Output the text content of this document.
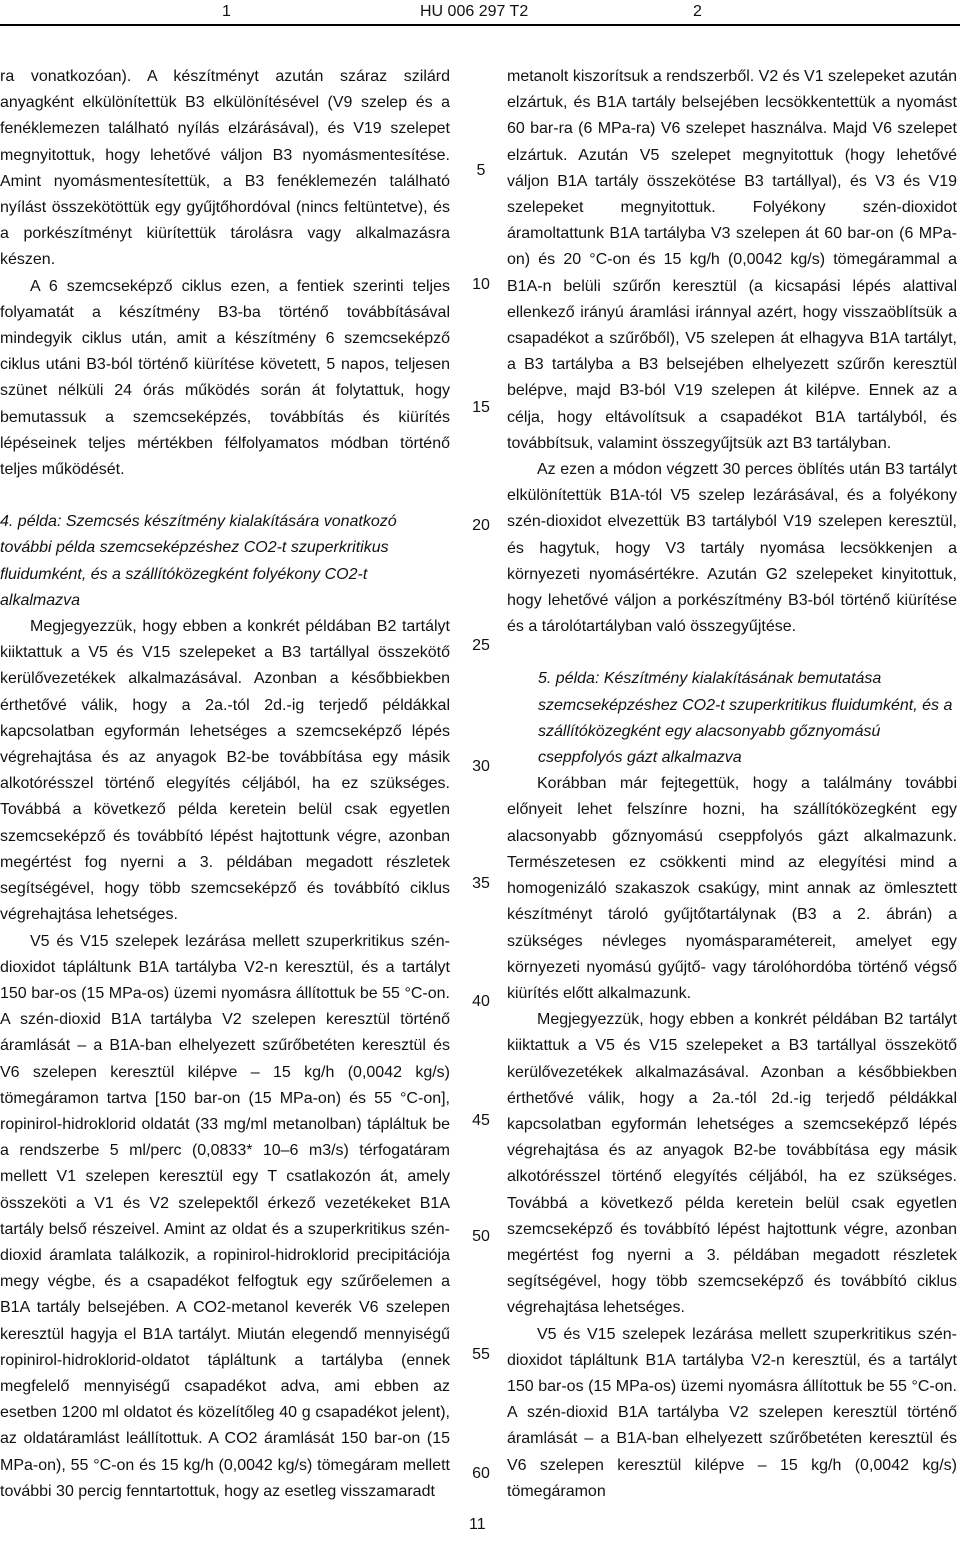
1	HU 006 297 T2	2

ra vonatkozóan). A készítményt azután száraz szilárd anyagként elkülönítettük B3 elkülönítésével (V9 szelep és a fenéklemezen található nyílás elzárásával), és V19 szelepet megnyitottuk, hogy lehetővé váljon B3 nyomásmentesítése. Amint nyomásmentesítettük, a B3 fenéklemezén található nyílást összekötöttük egy gyűjtőhordóval (nincs feltüntetve), és a porkészítményt kiürítettük tárolásra vagy alkalmazásra készen.

A 6 szemcseképző ciklus ezen, a fentiek szerinti teljes folyamatát a készítmény B3-ba történő továbbításával mindegyik ciklus után, amit a készítmény 6 szemcseképző ciklus utáni B3-ból történő kiürítése követett, 5 napos, teljesen szünet nélküli 24 órás működés során át folytattuk, hogy bemutassuk a szemcseképzés, továbbítás és kiürítés lépéseinek teljes mértékben félfolyamatos módban történő teljes működését.

4. példa: Szemcsés készítmény kialakítására vonatkozó további példa szemcseképzéshez CO2-t szuperkritikus fluidumként, és a szállítóközegként folyékony CO2-t alkalmazva

Megjegyezzük, hogy ebben a konkrét példában B2 tartályt kiiktattuk a V5 és V15 szelepeket a B3 tartállyal összekötő kerülővezetékek alkalmazásával. Azonban a későbbiekben érthetővé válik, hogy a 2a.-tól 2d.-ig terjedő példákkal kapcsolatban egyformán lehetséges a szemcseképző lépés végrehajtása és az anyagok B2-be továbbítása egy másik alkotórésszel történő elegyítés céljából, ha ez szükséges. Továbbá a következő példa keretein belül csak egyetlen szemcseképző és továbbító lépést hajtottunk végre, azonban megértést fog nyerni a 3. példában megadott részletek segítségével, hogy több szemcseképző és továbbító ciklus végrehajtása lehetséges.

V5 és V15 szelepek lezárása mellett szuperkritikus szén-dioxidot tápláltunk B1A tartályba V2-n keresztül, és a tartályt 150 bar-os (15 MPa-os) üzemi nyomásra állítottuk be 55 °C-on. A szén-dioxid B1A tartályba V2 szelepen keresztül történő áramlását – a B1A-ban elhelyezett szűrőbetéten keresztül és V6 szelepen keresztül kilépve – 15 kg/h (0,0042 kg/s) tömegáramon tartva [150 bar-on (15 MPa-on) és 55 °C-on], ropinirol-hidroklorid oldatát (33 mg/ml metanolban) tápláltuk be a rendszerbe 5 ml/perc (0,0833* 10–6 m3/s) térfogatáram mellett V1 szelepen keresztül egy T csatlakozón át, amely összeköti a V1 és V2 szelepektől érkező vezetékeket B1A tartály belső részeivel. Amint az oldat és a szuperkritikus szén-dioxid áramlata találkozik, a ropinirol-hidroklorid precipitációja megy végbe, és a csapadékot felfogtuk egy szűrőelemen a B1A tartály belsejében. A CO2-metanol keverék V6 szelepen keresztül hagyja el B1A tartályt. Miután elegendő mennyiségű ropinirol-hidroklorid-oldatot tápláltunk a tartályba (ennek megfelelő mennyiségű csapadékot adva, ami ebben az esetben 1200 ml oldatot és közelítőleg 40 g csapadékot jelent), az oldatáramlást leállítottuk. A CO2 áramlását 150 bar-on (15 MPa-on), 55 °C-on és 15 kg/h (0,0042 kg/s) tömegáram mellett további 30 percig fenntartottuk, hogy az esetleg visszamaradt

5
10
15
20
25
30
35
40
45
50
55
60

metanolt kiszorítsuk a rendszerből. V2 és V1 szelepeket azután elzártuk, és B1A tartály belsejében lecsökkentettük a nyomást 60 bar-ra (6 MPa-ra) V6 szelepet használva. Majd V6 szelepet elzártuk. Azután V5 szelepet megnyitottuk (hogy lehetővé váljon B1A tartály összekötése B3 tartállyal), és V3 és V19 szelepeket megnyitottuk. Folyékony szén-dioxidot áramoltattunk B1A tartályba V3 szelepen át 60 bar-on (6 MPa-on) és 20 °C-on és 15 kg/h (0,0042 kg/s) tömegárammal a B1A-n belüli szűrőn keresztül (a kicsapási lépés alattival ellenkező irányú áramlási iránnyal azért, hogy visszaöblítsük a csapadékot a szűrőből), V5 szelepen át elhagyva B1A tartályt, a B3 tartályba a B3 belsejében elhelyezett szűrőn keresztül belépve, majd B3-ból V19 szelepen át kilépve. Ennek az a célja, hogy eltávolítsuk a csapadékot B1A tartályból, és továbbítsuk, valamint összegyűjtsük azt B3 tartályban.

Az ezen a módon végzett 30 perces öblítés után B3 tartályt elkülönítettük B1A-tól V5 szelep lezárásával, és a folyékony szén-dioxidot elvezettük B3 tartályból V19 szelepen keresztül, és hagytuk, hogy V3 tartály nyomása lecsökkenjen a környezeti nyomásértékre. Azután G2 szelepeket kinyitottuk, hogy lehetővé váljon a porkészítmény B3-ból történő kiürítése és a tárolótartályban való összegyűjtése.

5. példa: Készítmény kialakításának bemutatása szemcseképzéshez CO2-t szuperkritikus fluidumként, és a szállítóközegként egy alacsonyabb gőznyomású cseppfolyós gázt alkalmazva

Korábban már fejtegettük, hogy a találmány további előnyeit lehet felszínre hozni, ha szállítóközegként egy alacsonyabb gőznyomású cseppfolyós gázt alkalmazunk. Természetesen ez csökkenti mind az elegyítési mind a homogenizáló szakaszok csakúgy, mint annak az ömlesztett készítményt tároló gyűjtőtartálynak (B3 a 2. ábrán) a szükséges névleges nyomásparamétereit, amelyet egy környezeti nyomású gyűjtő- vagy tárolóhordóba történő végső kiürítés előtt alkalmazunk.

Megjegyezzük, hogy ebben a konkrét példában B2 tartályt kiiktattuk a V5 és V15 szelepeket a B3 tartállyal összekötő kerülővezetékek alkalmazásával. Azonban a későbbiekben érthetővé válik, hogy a 2a.-tól 2d.-ig terjedő példákkal kapcsolatban egyformán lehetséges a szemcseképző lépés végrehajtása és az anyagok B2-be továbbítása egy másik alkotórésszel történő elegyítés céljából, ha ez szükséges. Továbbá a következő példa keretein belül csak egyetlen szemcseképző és továbbító lépést hajtottunk végre, azonban megértést fog nyerni a 3. példában megadott részletek segítségével, hogy több szemcseképző és továbbító ciklus végrehajtása lehetséges.

V5 és V15 szelepek lezárása mellett szuperkritikus szén-dioxidot tápláltunk B1A tartályba V2-n keresztül, és a tartályt 150 bar-os (15 MPa-os) üzemi nyomásra állítottuk be 55 °C-on. A szén-dioxid B1A tartályba V2 szelepen keresztül történő áramlását – a B1A-ban elhelyezett szűrőbetéten keresztül és V6 szelepen keresztül kilépve – 15 kg/h (0,0042 kg/s) tömegáramon

11
